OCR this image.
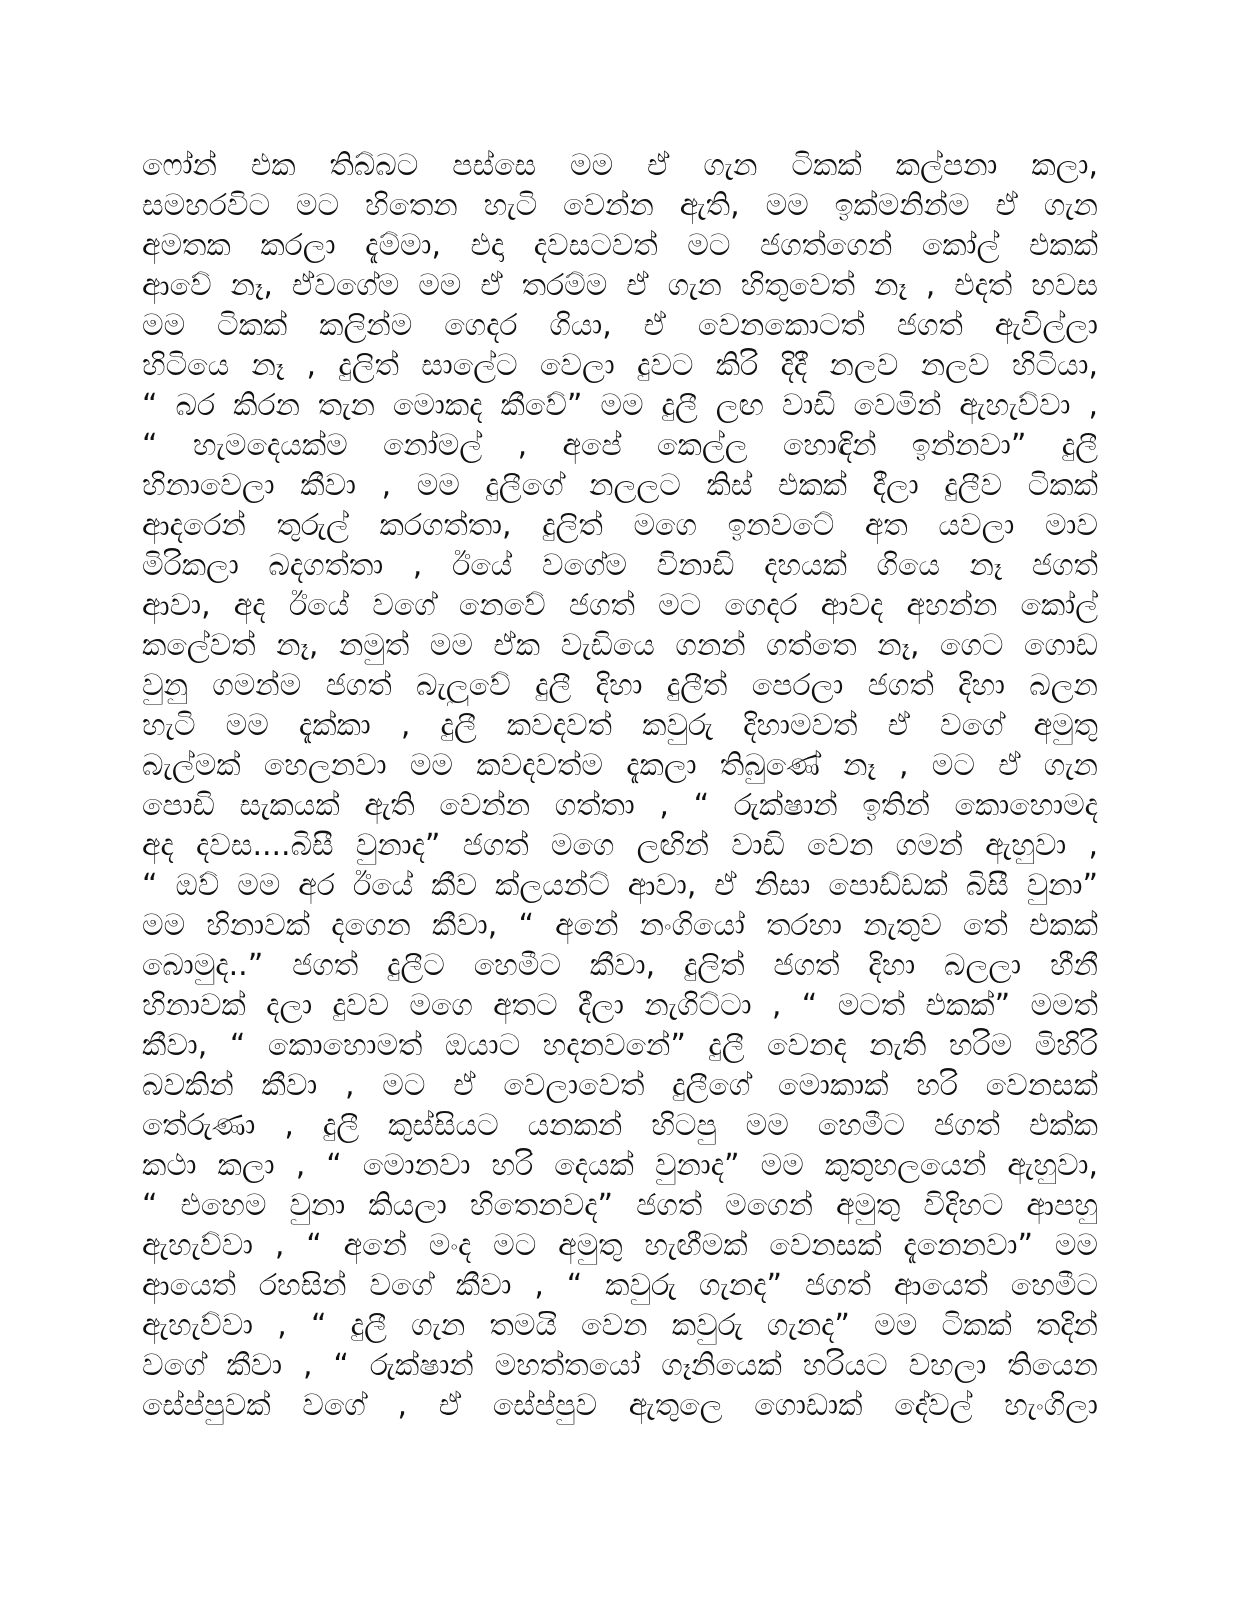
ෆෝන් එක තිබ්බට පස්සෙ මම ඒ ගැන ටිකක් කල්පනා කලා,
සමහරවිට මට හිතෙන හැටි වෙන්න ඇති, මම ඉක්මනින්ම ඒ ගැන
අමතක කරලා දැම්මා, එදා දවසටවත් මට ජගත්ගෙන් කෝල් එකක්
ආවේ නෑ, ඒවගේම මම ඒ තරම්ම ඒ ගැන හිතුවෙත් නෑ , එදත් හවස
මම ටිකක් කලින්ම ගෙදර ගියා, ඒ වෙනකොටත් ජගත් ඇවිල්ලා
හිටියෙ නෑ , දුලිත් සාලේට වෙලා දුවට කිරි දිදී නලව නලව හිටියා,
“ බර කිරන තැන මොකද කීවේ” මම දුලී ලඟ වාඩි වෙමින් ඇහැව්වා ,
“ හැමදෙයක්ම නෝමල් , අපේ කෙල්ල හොඳින් ඉන්නවා” දුලී
හිනාවෙලා කීවා , මම දුලීගේ නලලට කිස් එකක් දීලා දුලීව ටිකක්
ආදරෙන් තුරුල් කරගත්තා, දුලිත් මගෙ ඉනවටේ අත යවලා මාව
මිරිකලා බදගත්තා , ඊයේ වගේම විනාඩි දහයක් ගියෙ නෑ ජගත්
ආවා, අද ඊයේ වගේ නෙවේ ජගත් මට ගෙදර ආවද අහන්න කෝල්
කලේවත් නෑ, නමුත් මම ඒක වැඩියෙ ගනන් ගත්තෙ නෑ, ගෙට ගොඩ
වුනු ගමන්ම ජගත් බැලුවේ දුලී දිහා දුලීත් පෙරලා ජගත් දිහා බලන
හැටි මම දැක්කා , දුලී කවදවත් කවුරු දිහාමවත් ඒ වගේ අමුතු
බැල්මක් හෙලනවා මම කවදවත්ම දැකලා තිබුණේ නෑ , මට ඒ ගැන
පොඩි සැකයක් ඇති වෙන්න ගත්තා , “ රුක්ෂාන් ඉතින් කොහොමද
අද දවස....බිසී වුනාද” ජගත් මගෙ ලඟින් වාඩි වෙන ගමන් ඇහුවා ,
“ ඔව් මම අර ඊයේ කීව ක්ලයන්ට් ආවා, ඒ නිසා පොඩ්ඩක් බිසී වුනා”
මම හිනාවක් දගෙන කීවා, “ අනේ නංගියෝ තරහා නැතුව තේ එකක්
බොමුද..” ජගත් දුලීට හෙමීට කීවා, දුලිත් ජගත් දිහා බලලා හීනී
හිනාවක් දලා දුවව මගෙ අතට දීලා නැගිට්ටා , “ මටත් එකක්” මමත්
කීවා, “ කොහොමත් ඔයාට හදනවනේ” දුලී වෙනද නැති හරිම මිහිරි
බවකින් කීවා , මට ඒ වෙලාවෙත් දුලීගේ මොකාක් හරි වෙනසක්
තේරුණා , දුලී කුස්සියට යනකන් හිටපු මම හෙමීට ජගත් එක්ක
කථා කලා , “ මොනවා හරි දෙයක් වුනාද” මම කුතුහලයෙන් ඇහුවා,
“ එහෙම වුනා කියලා හිතෙනවද” ජගත් මගෙන් අමුතු විදිහට ආපහු
ඇහැව්වා , “ අනේ මංද මට අමුතු හැඟීමක් වෙනසක් දැනෙනවා” මම
ආයෙත් රහසින් වගේ කීවා , “ කවුරු ගැනද” ජගත් ආයෙත් හෙමීට
ඇහැව්වා , “ දුලී ගැන තමයි වෙන කවුරු ගැනද” මම ටිකක් තදින්
වගේ කීවා , “ රුක්ෂාන් මහත්තයෝ ගෑනියෙක් හරියට වහලා තියෙන
සේප්පුවක් වගේ , ඒ සේප්පුව ඇතුලෙ ගොඩාක් දේවල් හැංගිලා
